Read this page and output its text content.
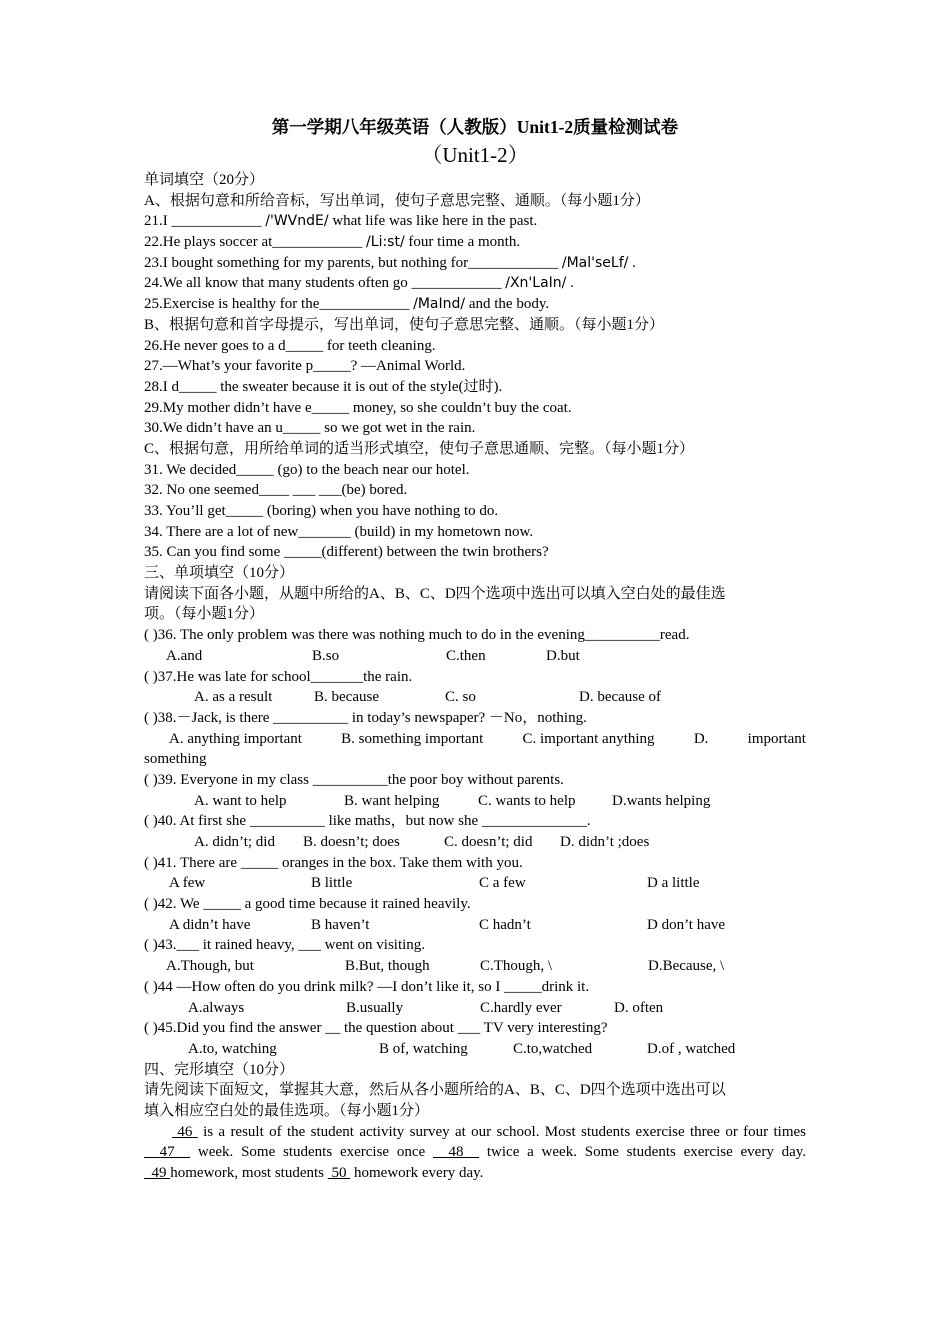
第一学期八年级英语（人教版）Unit1-2质量检测试卷
（Unit1-2）
单词填空（20分）
A、根据句意和所给音标，写出单词，使句子意思完整、通顺。（每小题1分）
21.I ____________ /'WVndE/ what life was like here in the past.
22.He plays soccer at____________ /Li:st/ four time a month.
23.I bought something for my parents, but nothing for____________ /Mal'seLf/ .
24.We all know that many students often go ____________ /Xn'LaIn/ .
25.Exercise is healthy for the____________ /MaInd/ and the body.
B、根据句意和首字母提示，写出单词，使句子意思完整、通顺。（每小题1分）
26.He never goes to a d_____ for teeth cleaning.
27.—What’s your favorite p_____? —Animal World.
28.I d_____ the sweater because it is out of the style(过时).
29.My mother didn’t have e_____ money, so she couldn’t buy the coat.
30.We didn’t have an u_____ so we got wet in the rain.
C、根据句意，用所给单词的适当形式填空，使句子意思通顺、完整。（每小题1分）
31. We decided_____ (go) to the beach near our hotel.
32. No one seemed____ ___ ___(be) bored.
33. You’ll get_____ (boring) when you have nothing to do.
34. There are a lot of new_______ (build) in my hometown now.
35. Can you find some _____(different) between the twin brothers?
三、单项填空（10分）
请阅读下面各小题，从题中所给的A、B、C、D四个选项中选出可以填入空白处的最佳选
项。（每小题1分）
( )36. The only problem was there was nothing much to do in the evening__________read.
A.and	B.so	C.then	D.but
( )37.He was late for school_______the rain.
A. as a result	B. because	C. so	D. because of
( )38.－Jack, is there __________ in today’s newspaper? －No，nothing.
A. anything important	B. something important	C. important anything	D.	important
something
( )39. Everyone in my class __________the poor boy without parents.
A. want to help	B. want helping	C. wants to help	D.wants helping
( )40. At first she __________ like maths，but now she ______________.
A. didn’t; did	B. doesn’t; does	C. doesn’t; did	D. didn’t ;does
( )41. There are _____ oranges in the box. Take them with you.
A few	B little	C a few	D a little
( )42. We _____ a good time because it rained heavily.
A didn’t have	B haven’t	C hadn’t	D don’t have
( )43.___ it rained heavy, ___ went on visiting.
A.Though, but	B.But, though	C.Though, \	D.Because, \
( )44 —How often do you drink milk? —I don’t like it, so I _____drink it.
A.always	B.usually	C.hardly ever	D. often
( )45.Did you find the answer __ the question about ___ TV very interesting?
A.to, watching	B of, watching	C.to,watched	D.of , watched
四、完形填空（10分）
请先阅读下面短文，掌握其大意，然后从各小题所给的A、B、C、D四个选项中选出可以
填入相应空白处的最佳选项。（每小题1分）
46  is a result of the student activity survey at our school. Most students exercise three or four times   47   week. Some students exercise once   48   twice a week. Some students exercise every day.   49 homework, most students  50  homework every day.
